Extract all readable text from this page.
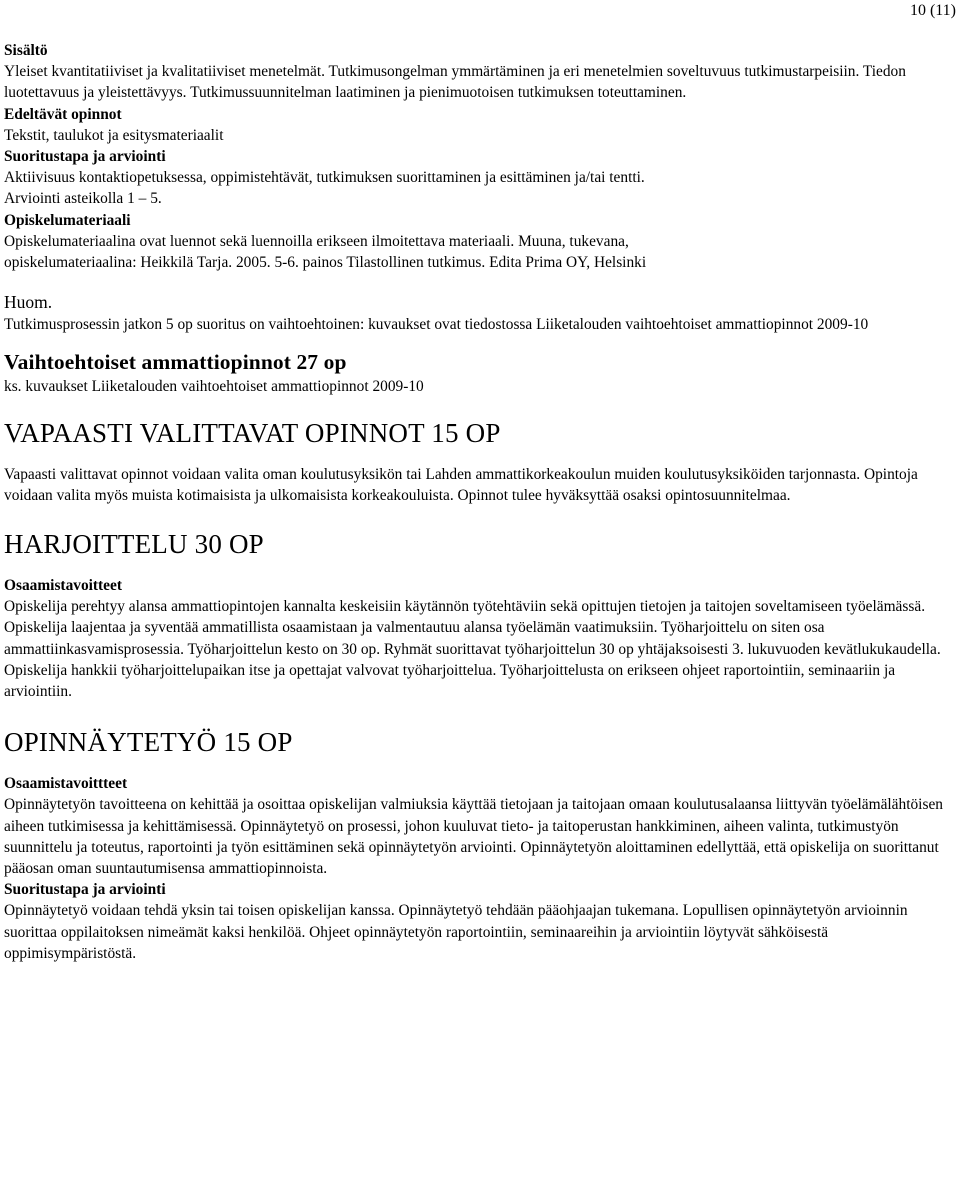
10 (11)

Sisältö

Yleiset kvantitatiiviset ja kvalitatiiviset menetelmät. Tutkimusongelman ymmärtäminen ja eri menetelmien soveltuvuus tutkimustarpeisiin. Tiedon luotettavuus ja yleistettävyys. Tutkimussuunnitelman laatiminen ja pienimuotoisen tutkimuksen toteuttaminen.

Edeltävät opinnot

Tekstit, taulukot ja esitysmateriaalit

Suoritustapa ja arviointi

Aktiivisuus kontaktiopetuksessa, oppimistehtävät, tutkimuksen suorittaminen ja esittäminen ja/tai tentti.

Arviointi asteikolla 1 – 5.

Opiskelumateriaali

Opiskelumateriaalina ovat luennot sekä luennoilla erikseen ilmoitettava materiaali. Muuna, tukevana,
opiskelumateriaalina: Heikkilä Tarja. 2005. 5-6. painos Tilastollinen tutkimus. Edita Prima OY, Helsinki

Huom.

Tutkimusprosessin jatkon 5 op suoritus on vaihtoehtoinen: kuvaukset ovat tiedostossa Liiketalouden vaihtoehtoiset ammattiopinnot 2009-10

Vaihtoehtoiset ammattiopinnot 27 op

ks. kuvaukset Liiketalouden vaihtoehtoiset ammattiopinnot 2009-10

VAPAASTI VALITTAVAT OPINNOT 15 OP

Vapaasti valittavat opinnot voidaan valita oman koulutusyksikön tai Lahden ammattikorkeakoulun muiden koulutusyksiköiden tarjonnasta. Opintoja voidaan valita myös muista kotimaisista ja ulkomaisista korkeakouluista. Opinnot tulee hyväksyttää osaksi opintosuunnitelmaa.

HARJOITTELU 30 OP

Osaamistavoitteet

Opiskelija perehtyy alansa ammattiopintojen kannalta keskeisiin käytännön työtehtäviin sekä opittujen tietojen ja taitojen soveltamiseen työelämässä. Opiskelija laajentaa ja syventää ammatillista osaamistaan ja valmentautuu alansa työelämän vaatimuksiin. Työharjoittelu on siten osa ammattiinkasvamisprosessia. Työharjoittelun kesto on 30 op. Ryhmät suorittavat työharjoittelun 30 op yhtäjaksoisesti 3. lukuvuoden kevätlukukaudella. Opiskelija hankkii työharjoittelupaikan itse ja opettajat valvovat työharjoittelua. Työharjoittelusta on erikseen ohjeet raportointiin, seminaariin ja arviointiin.

OPINNÄYTETYÖ 15 OP

Osaamistavoittteet

Opinnäytetyön tavoitteena on kehittää ja osoittaa opiskelijan valmiuksia käyttää tietojaan ja taitojaan omaan koulutusalaansa liittyvän työelämälähtöisen aiheen tutkimisessa ja kehittämisessä. Opinnäytetyö on prosessi, johon kuuluvat tieto- ja taitoperustan hankkiminen, aiheen valinta, tutkimustyön suunnittelu ja toteutus, raportointi ja työn esittäminen sekä opinnäytetyön arviointi. Opinnäytetyön aloittaminen edellyttää, että opiskelija on suorittanut pääosan oman suuntautumisensa ammattiopinnoista.

Suoritustapa ja arviointi

Opinnäytetyö voidaan tehdä yksin tai toisen opiskelijan kanssa. Opinnäytetyö tehdään pääohjaajan tukemana. Lopullisen opinnäytetyön arvioinnin suorittaa oppilaitoksen nimeämät kaksi henkilöä. Ohjeet opinnäytetyön raportointiin, seminaareihin ja arviointiin löytyvät sähköisestä oppimisympäristöstä.
